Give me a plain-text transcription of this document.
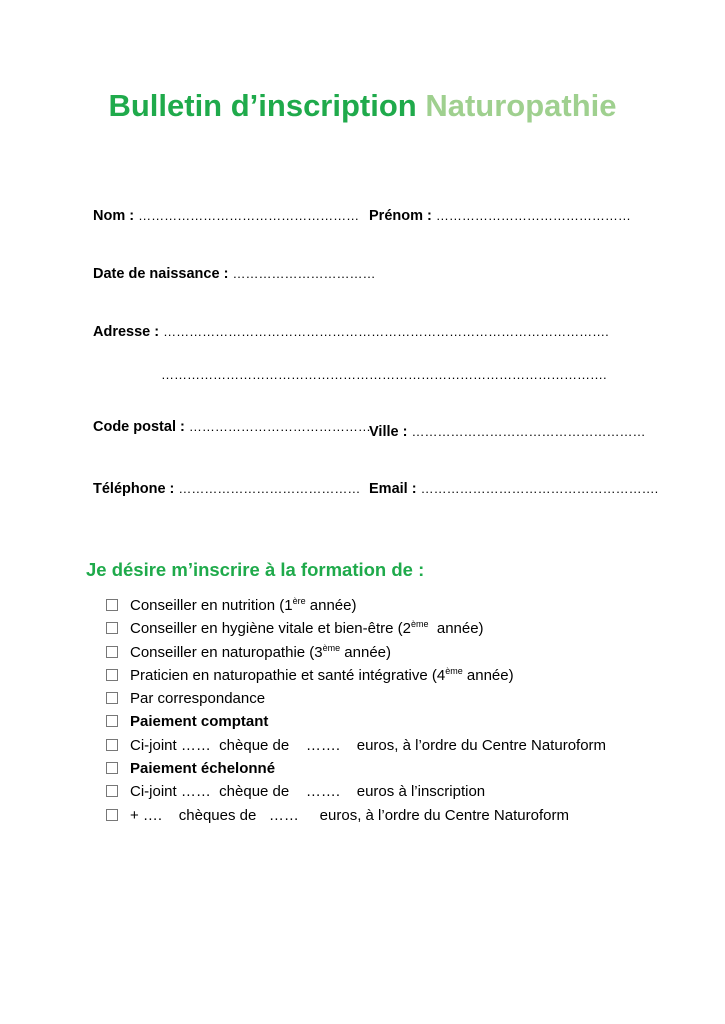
Bulletin d’inscription Naturopathie
Nom : …………………………………………… Prénom : ………………………………………
Date de naissance : ……………………………
Adresse : ………………………………………………………………………………………….
………………………………………………………………………………………….
Code postal : ……………………………………
Ville : ………………………………………………
Téléphone : …………………………………… Email : ……………………………………………….
Je désire m’inscrire à la formation de :
Conseiller en nutrition (1ère année)
Conseiller en hygiène vitale et bien-être (2ème  année)
Conseiller en naturopathie (3ème année)
Praticien en naturopathie et santé intégrative (4ème année)
Par correspondance
Paiement comptant
Ci-joint ……  chèque de    …….    euros, à l’ordre du Centre Naturoform
Paiement échelonné
Ci-joint ……  chèque de    …….    euros à l’inscription
+ ….    chèques de   ……     euros, à l’ordre du Centre Naturoform
